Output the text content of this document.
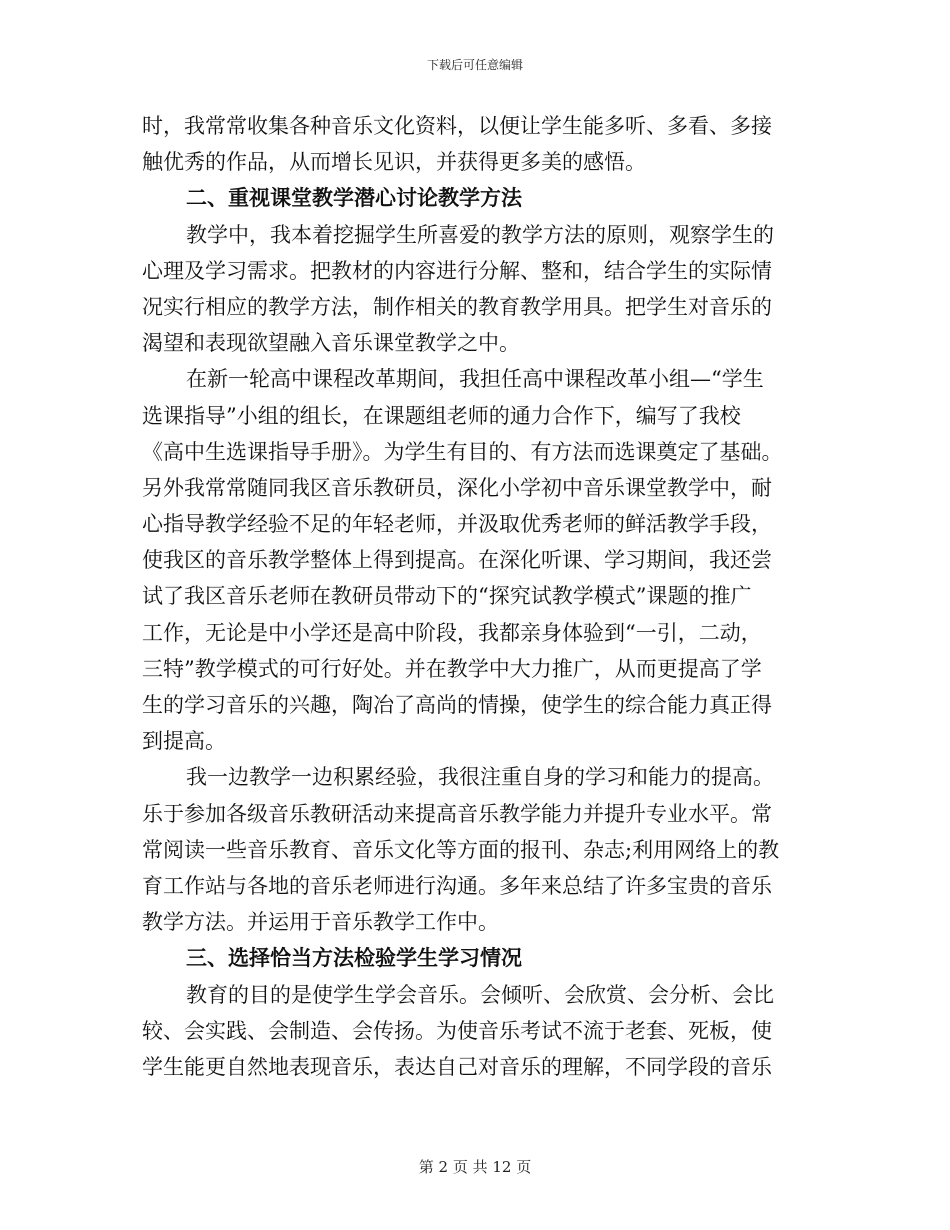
下载后可任意编辑
时，我常常收集各种音乐文化资料，以便让学生能多听、多看、多接
触优秀的作品，从而增长见识，并获得更多美的感悟。
二、重视课堂教学潜心讨论教学方法
教学中，我本着挖掘学生所喜爱的教学方法的原则，观察学生的
心理及学习需求。把教材的内容进行分解、整和，结合学生的实际情
况实行相应的教学方法，制作相关的教育教学用具。把学生对音乐的
渴望和表现欲望融入音乐课堂教学之中。
在新一轮高中课程改革期间，我担任高中课程改革小组—“学生
选课指导”小组的组长，在课题组老师的通力合作下，编写了我校
《高中生选课指导手册》。为学生有目的、有方法而选课奠定了基础。
另外我常常随同我区音乐教研员，深化小学初中音乐课堂教学中，耐
心指导教学经验不足的年轻老师，并汲取优秀老师的鲜活教学手段，
使我区的音乐教学整体上得到提高。在深化听课、学习期间，我还尝
试了我区音乐老师在教研员带动下的“探究试教学模式”课题的推广
工作，无论是中小学还是高中阶段，我都亲身体验到“一引，二动，
三特”教学模式的可行好处。并在教学中大力推广，从而更提高了学
生的学习音乐的兴趣，陶冶了高尚的情操，使学生的综合能力真正得
到提高。
我一边教学一边积累经验，我很注重自身的学习和能力的提高。
乐于参加各级音乐教研活动来提高音乐教学能力并提升专业水平。常
常阅读一些音乐教育、音乐文化等方面的报刊、杂志;利用网络上的教
育工作站与各地的音乐老师进行沟通。多年来总结了许多宝贵的音乐
教学方法。并运用于音乐教学工作中。
三、选择恰当方法检验学生学习情况
教育的目的是使学生学会音乐。会倾听、会欣赏、会分析、会比
较、会实践、会制造、会传扬。为使音乐考试不流于老套、死板，使
学生能更自然地表现音乐，表达自己对音乐的理解，不同学段的音乐
第 2 页 共 12 页
